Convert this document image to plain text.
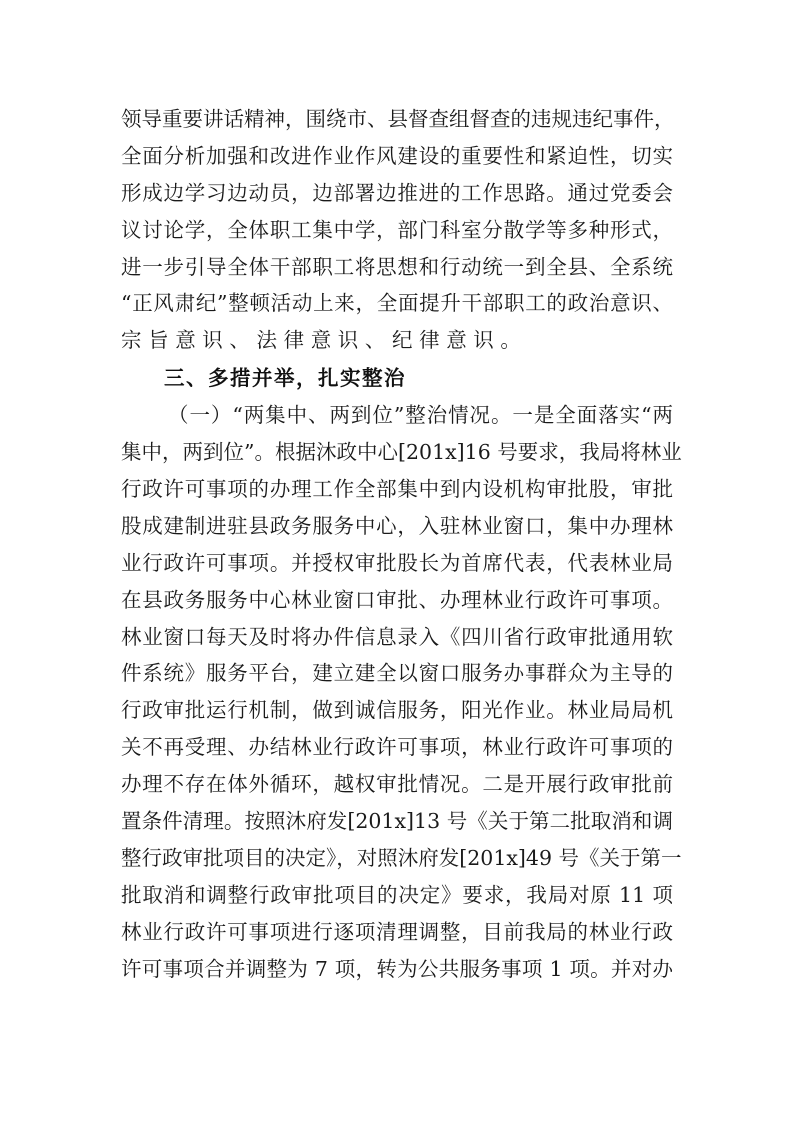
领导重要讲话精神，围绕市、县督查组督查的违规违纪事件，
全面分析加强和改进作业作风建设的重要性和紧迫性，切实
形成边学习边动员，边部署边推进的工作思路。通过党委会
议讨论学，全体职工集中学，部门科室分散学等多种形式，
进一步引导全体干部职工将思想和行动统一到全县、全系统
“正风肃纪”整顿活动上来，全面提升干部职工的政治意识、
宗旨意识、法律意识、纪律意识。
三、多措并举，扎实整治
（一）“两集中、两到位”整治情况。一是全面落实“两
集中，两到位”。根据沐政中心[201x]16 号要求，我局将林业
行政许可事项的办理工作全部集中到内设机构审批股，审批
股成建制进驻县政务服务中心，入驻林业窗口，集中办理林
业行政许可事项。并授权审批股长为首席代表，代表林业局
在县政务服务中心林业窗口审批、办理林业行政许可事项。
林业窗口每天及时将办件信息录入《四川省行政审批通用软
件系统》服务平台，建立建全以窗口服务办事群众为主导的
行政审批运行机制，做到诚信服务，阳光作业。林业局局机
关不再受理、办结林业行政许可事项，林业行政许可事项的
办理不存在体外循环，越权审批情况。二是开展行政审批前
置条件清理。按照沐府发[201x]13 号《关于第二批取消和调
整行政审批项目的决定》，对照沐府发[201x]49 号《关于第一
批取消和调整行政审批项目的决定》要求，我局对原 11 项
林业行政许可事项进行逐项清理调整，目前我局的林业行政
许可事项合并调整为 7 项，转为公共服务事项 1 项。并对办
